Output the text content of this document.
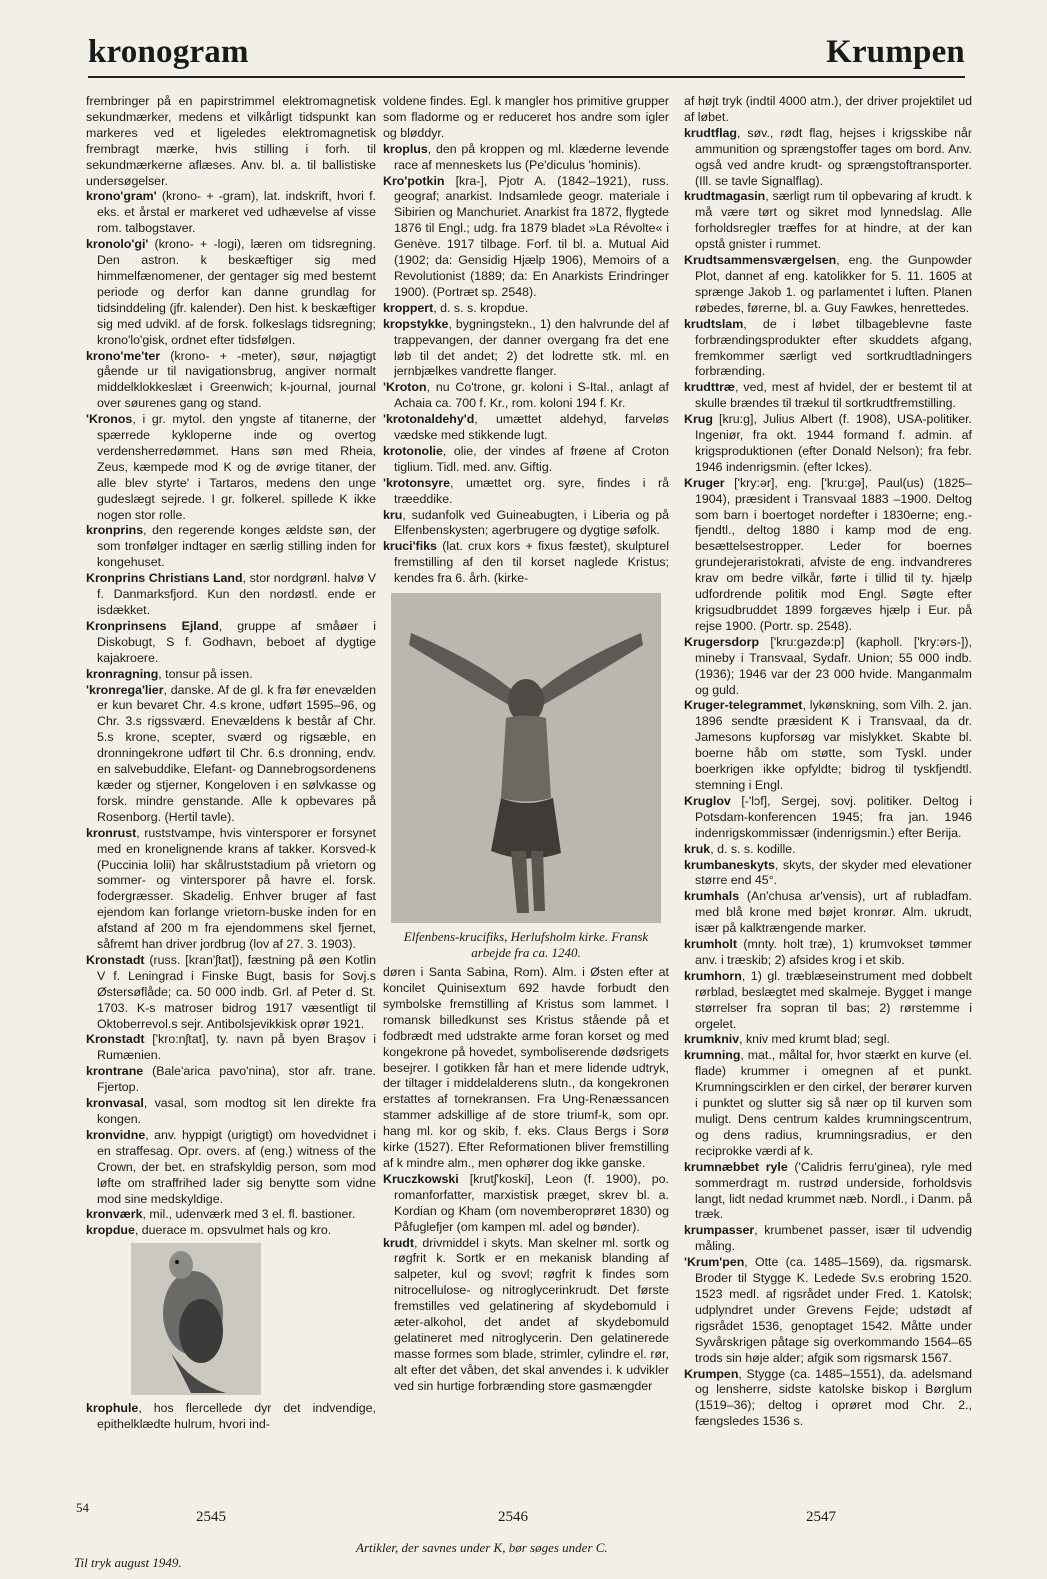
kronogram	Krumpen

frembringer på en papirstrimmel elektromagnetisk sekundmærker, medens et vilkårligt tidspunkt kan markeres ved et ligeledes elektromagnetisk frembragt mærke, hvis stilling i forh. til sekundmærkerne aflæses. Anv. bl. a. til ballistiske undersøgelser.

krono'gram' (krono- + -gram), lat. indskrift, hvori f. eks. et årstal er markeret ved udhævelse af visse rom. talbogstaver.

kronolo'gi' (krono- + -logi), læren om tidsregning. Den astron. k beskæftiger sig med himmelfænomener, der gentager sig med bestemt periode og derfor kan danne grundlag for tidsinddeling (jfr. kalender). Den hist. k beskæftiger sig med udvikl. af de forsk. folkeslags tidsregning; krono'lo'gisk, ordnet efter tidsfølgen.

krono'me'ter (krono- + -meter), søur, nøjagtigt gående ur til navigationsbrug, angiver normalt middelklokkeslæt i Greenwich; k-journal, journal over søurenes gang og stand.

'Kronos, i gr. mytol. den yngste af titanerne, der spærrede kykloperne inde og overtog verdensherredømmet. Hans søn med Rheia, Zeus, kæmpede mod K og de øvrige titaner, der alle blev styrte' i Tartaros, medens den unge gudeslægt sejrede. I gr. folkerel. spillede K ikke nogen stor rolle.

kronprins, den regerende konges ældste søn, der som tronfølger indtager en særlig stilling inden for kongehuset.

Kronprins Christians Land, stor nordgrønl. halvø V f. Danmarksfjord. Kun den nordøstl. ende er isdækket.

Kronprinsens Ejland, gruppe af småøer i Diskobugt, S f. Godhavn, beboet af dygtige kajakroere.

kronragning, tonsur på issen.

'kronrega'lier, danske. Af de gl. k fra før enevælden er kun bevaret Chr. 4.s krone, udført 1595–96, og Chr. 3.s rigssværd. Enevældens k består af Chr. 5.s krone, scepter, sværd og rigsæble, en dronningekrone udført til Chr. 6.s dronning, endv. en salvebuddike, Elefant- og Dannebrogsordenens kæder og stjerner, Kongeloven i en sølvkasse og forsk. mindre genstande. Alle k opbevares på Rosenborg. (Hertil tavle).

kronrust, ruststvampe, hvis vintersporer er forsynet med en kronelignende krans af takker. Korsved-k (Puccinia lolii) har skålruststadium på vrietorn og sommer- og vintersporer på havre el. forsk. fodergræsser. Skadelig. Enhver bruger af fast ejendom kan forlange vrietorn-buske inden for en afstand af 200 m fra ejendommens skel fjernet, såfremt han driver jordbrug (lov af 27. 3. 1903).

Kronstadt (russ. [kran'ʃtat]), fæstning på øen Kotlin V f. Leningrad i Finske Bugt, basis for Sovj.s Østersøflåde; ca. 50 000 indb. Grl. af Peter d. St. 1703. K-s matroser bidrog 1917 væsentligt til Oktoberrevol.s sejr. Antibolsjevikkisk oprør 1921.

Kronstadt ['kro:nʃtat], ty. navn på byen Braşov i Rumænien.

krontrane (Bale'arica pavo'nina), stor afr. trane. Fjertop.

kronvasal, vasal, som modtog sit len direkte fra kongen.

kronvidne, anv. hyppigt (urigtigt) om hovedvidnet i en straffesag. Opr. overs. af (eng.) witness of the Crown, der bet. en strafskyldig person, som mod løfte om straffrihed lader sig benytte som vidne mod sine medskyldige.

kronværk, mil., udenværk med 3 el. fl. bastioner.

kropdue, duerace m. opsvulmet hals og kro.

krophule, hos flercellede dyr det indvendige, epithelklædte hulrum, hvori ind-

voldene findes. Egl. k mangler hos primitive grupper som fladorme og er reduceret hos andre som igler og bløddyr.

kroplus, den på kroppen og ml. klæderne levende race af menneskets lus (Pe'diculus 'hominis).

Kro'potkin [kra-], Pjotr A. (1842–1921), russ. geograf; anarkist. Indsamlede geogr. materiale i Sibirien og Manchuriet. Anarkist fra 1872, flygtede 1876 til Engl.; udg. fra 1879 bladet »La Révolte« i Genève. 1917 tilbage. Forf. til bl. a. Mutual Aid (1902; da: Gensidig Hjælp 1906), Memoirs of a Revolutionist (1889; da: En Anarkists Erindringer 1900). (Portræt sp. 2548).

kroppert, d. s. s. kropdue.

kropstykke, bygningstekn., 1) den halvrunde del af trappevangen, der danner overgang fra det ene løb til det andet; 2) det lodrette stk. ml. en jernbjælkes vandrette flanger.

'Kroton, nu Co'trone, gr. koloni i S-Ital., anlagt af Achaia ca. 700 f. Kr., rom. koloni 194 f. Kr.

'krotonaldehy'd, umættet aldehyd, farveløs vædske med stikkende lugt.

krotonolie, olie, der vindes af frøene af Croton tiglium. Tidl. med. anv. Giftig.

'krotonsyre, umættet org. syre, findes i rå træeddike.

kru, sudanfolk ved Guineabugten, i Liberia og på Elfenbenskysten; agerbrugere og dygtige søfolk.

kruci'fiks (lat. crux kors + fixus fæstet), skulpturel fremstilling af den til korset naglede Kristus; kendes fra 6. årh. (kirke-

Elfenbens-krucifiks, Herlufsholm kirke. Fransk arbejde fra ca. 1240.

døren i Santa Sabina, Rom). Alm. i Østen efter at koncilet Quinisextum 692 havde forbudt den symbolske fremstilling af Kristus som lammet. I romansk billedkunst ses Kristus stående på et fodbrædt med udstrakte arme foran korset og med kongekrone på hovedet, symboliserende dødsrigets besejrer. I gotikken får han et mere lidende udtryk, der tiltager i middelalderens slutn., da kongekronen erstattes af tornekransen. Fra Ung-Renæssancen stammer adskillige af de store triumf-k, som opr. hang ml. kor og skib, f. eks. Claus Bergs i Sorø kirke (1527). Efter Reformationen bliver fremstilling af k mindre alm., men ophører dog ikke ganske.

Kruczkowski [krutʃ'koski], Leon (f. 1900), po. romanforfatter, marxistisk præget, skrev bl. a. Kordian og Kham (om novemberoprøret 1830) og Påfuglefjer (om kampen ml. adel og bønder).

krudt, drivmiddel i skyts. Man skelner ml. sortk og røgfrit k. Sortk er en mekanisk blanding af salpeter, kul og svovl; røgfrit k findes som nitrocellulose- og nitroglycerinkrudt. Det første fremstilles ved gelatinering af skydebomuld i æter-alkohol, det andet af skydebomuld gelatineret med nitroglycerin. Den gelatinerede masse formes som blade, strimler, cylindre el. rør, alt efter det våben, det skal anvendes i. k udvikler ved sin hurtige forbrænding store gasmængder

af højt tryk (indtil 4000 atm.), der driver projektilet ud af løbet.

krudtflag, søv., rødt flag, hejses i krigsskibe når ammunition og sprængstoffer tages om bord. Anv. også ved andre krudt- og sprængstoftransporter. (Ill. se tavle Signalflag).

krudtmagasin, særligt rum til opbevaring af krudt. k må være tørt og sikret mod lynnedslag. Alle forholdsregler træffes for at hindre, at der kan opstå gnister i rummet.

Krudtsammensværgelsen, eng. the Gunpowder Plot, dannet af eng. katolikker for 5. 11. 1605 at sprænge Jakob 1. og parlamentet i luften. Planen røbedes, førerne, bl. a. Guy Fawkes, henrettedes.

krudtslam, de i løbet tilbageblevne faste forbrændingsprodukter efter skuddets afgang, fremkommer særligt ved sortkrudtladningers forbrænding.

krudttræ, ved, mest af hvidel, der er bestemt til at skulle brændes til trækul til sortkrudtfremstilling.

Krug [kru:g], Julius Albert (f. 1908), USA-politiker. Ingeniør, fra okt. 1944 formand f. admin. af krigsproduktionen (efter Donald Nelson); fra febr. 1946 indenrigsmin. (efter Ickes).

Kruger ['kry:ər], eng. ['kru:gə], Paul(us) (1825–1904), præsident i Transvaal 1883 –1900. Deltog som barn i boertoget nordefter i 1830erne; eng.-fjendtl., deltog 1880 i kamp mod de eng. besættelsestropper. Leder for boernes grundejeraristokrati, afviste de eng. indvandreres krav om bedre vilkår, førte i tillid til ty. hjælp udfordrende politik mod Engl. Søgte efter krigsudbruddet 1899 forgæves hjælp i Eur. på rejse 1900. (Portr. sp. 2548).

Krugersdorp ['kru:gəzdə:p] (kapholl. ['kry:ərs-]), mineby i Transvaal, Sydafr. Union; 55 000 indb. (1936); 1946 var der 23 000 hvide. Manganmalm og guld.

Kruger-telegrammet, lykønskning, som Vilh. 2. jan. 1896 sendte præsident K i Transvaal, da dr. Jamesons kupforsøg var mislykket. Skabte bl. boerne håb om støtte, som Tyskl. under boerkrigen ikke opfyldte; bidrog til tyskfjendtl. stemning i Engl.

Kruglov [-'lɔf], Sergej, sovj. politiker. Deltog i Potsdam-konferencen 1945; fra jan. 1946 indenrigskommissær (indenrigsmin.) efter Berija.

kruk, d. s. s. kodille.

krumbaneskyts, skyts, der skyder med elevationer større end 45°.

krumhals (An'chusa ar'vensis), urt af rubladfam. med blå krone med bøjet kronrør. Alm. ukrudt, især på kalktrængende marker.

krumholt (mnty. holt træ), 1) krumvokset tømmer anv. i træskib; 2) afsides krog i et skib.

krumhorn, 1) gl. træblæseinstrument med dobbelt rørblad, beslægtet med skalmeje. Bygget i mange størrelser fra sopran til bas; 2) rørstemme i orgelet.

krumkniv, kniv med krumt blad; segl.

krumning, mat., måltal for, hvor stærkt en kurve (el. flade) krummer i omegnen af et punkt. Krumningscirklen er den cirkel, der berører kurven i punktet og slutter sig så nær op til kurven som muligt. Dens centrum kaldes krumningscentrum, og dens radius, krumningsradius, er den reciprokke værdi af k.

krumnæbbet ryle ('Calidris ferru'ginea), ryle med sommerdragt m. rustrød underside, forholdsvis langt, lidt nedad krummet næb. Nordl., i Danm. på træk.

krumpasser, krumbenet passer, især til udvendig måling.

'Krum'pen, Otte (ca. 1485–1569), da. rigsmarsk. Broder til Stygge K. Ledede Sv.s erobring 1520. 1523 medl. af rigsrådet under Fred. 1. Katolsk; udplyndret under Grevens Fejde; udstødt af rigsrådet 1536, genoptaget 1542. Måtte under Syvårskrigen påtage sig overkommando 1564–65 trods sin høje alder; afgik som rigsmarsk 1567.

Krumpen, Stygge (ca. 1485–1551), da. adelsmand og lensherre, sidste katolske biskop i Børglum (1519–36); deltog i oprøret mod Chr. 2., fængsledes 1536 s.

54
2545	2546	2547
Artikler, der savnes under K, bør søges under C.
Til tryk august 1949.
